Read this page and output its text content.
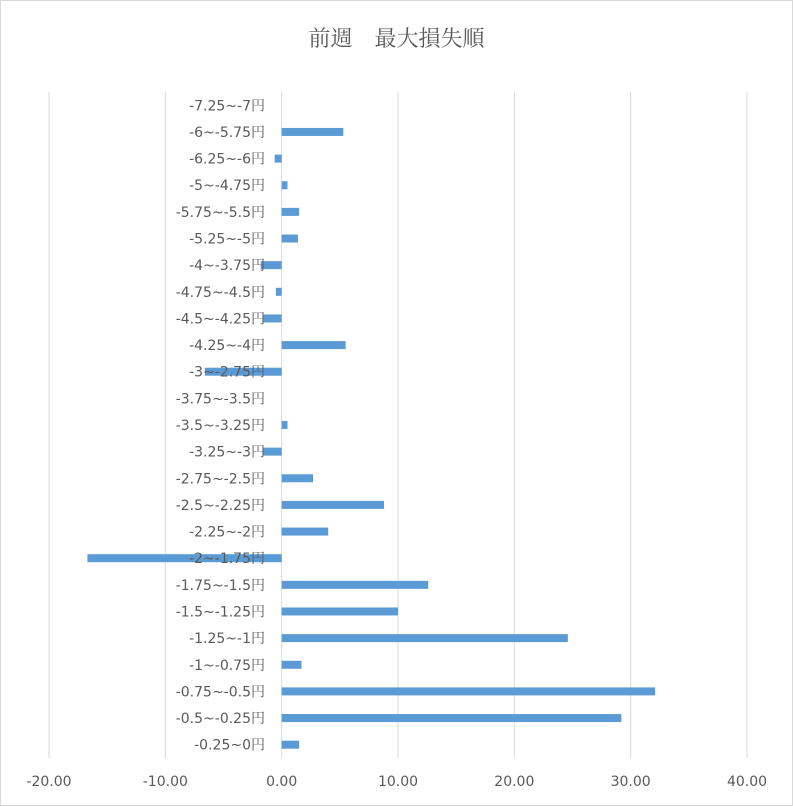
前週　最大損失順
-7.25~-7円
-6~-5.75円
-6.25~-6円
-5~-4.75円
-5.75~-5.5円
-5.25~-5円
-4~-3.75円
-4.75~-4.5円
-4.5~-4.25円
-4.25~-4円
-3~-2.75円
-3.75~-3.5円
-3.5~-3.25円
-3.25~-3円
-2.75~-2.5円
-2.5~-2.25円
-2.25~-2円
-2~-1.75円
-1.75~-1.5円
-1.5~-1.25円
-1.25~-1円
-1~-0.75円
-0.75~-0.5円
-0.5~-0.25円
-0.25~0円
-20.00	-10.00	0.00	10.00	20.00	30.00	40.00
